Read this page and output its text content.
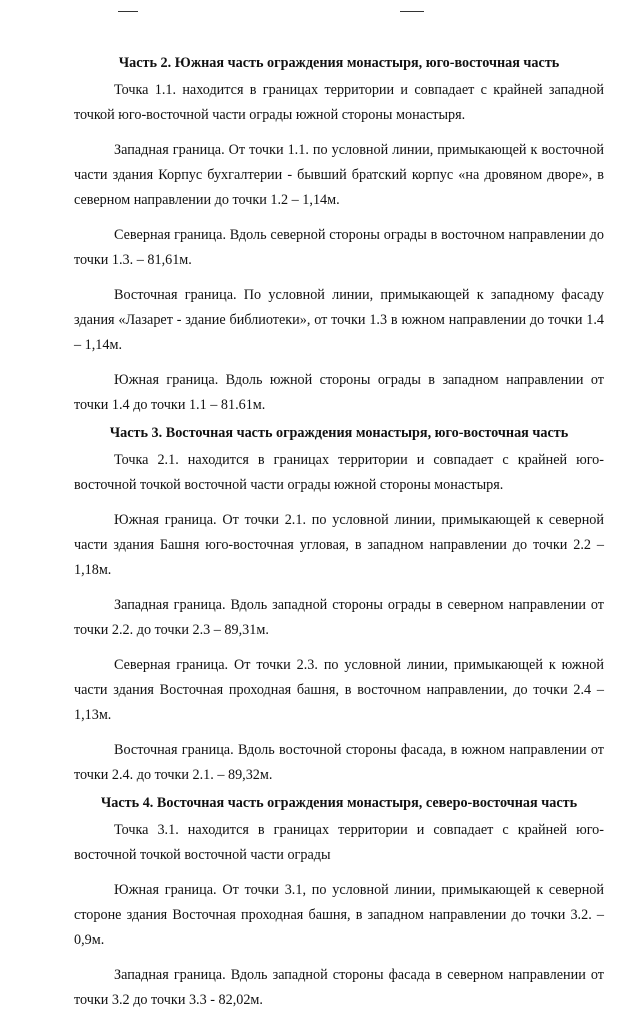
Часть 2. Южная часть ограждения монастыря, юго-восточная часть

Точка 1.1. находится в границах территории и совпадает с крайней западной точкой юго-восточной части ограды южной стороны монастыря.

Западная граница. От точки 1.1. по условной линии, примыкающей к восточной части здания Корпус бухгалтерии - бывший братский корпус «на дровяном дворе», в северном направлении до точки 1.2 – 1,14м.

Северная граница. Вдоль северной стороны ограды в восточном направлении до точки 1.3. – 81,61м.

Восточная граница. По условной линии, примыкающей к западному фасаду здания «Лазарет - здание библиотеки», от точки 1.3 в южном направлении до точки 1.4 – 1,14м.

Южная граница. Вдоль южной стороны ограды в западном направлении от точки 1.4 до точки 1.1 – 81.61м.

Часть 3. Восточная часть ограждения монастыря, юго-восточная часть

Точка 2.1. находится в границах территории и совпадает с крайней юго-восточной точкой восточной части ограды южной стороны монастыря.

Южная граница. От точки 2.1. по условной линии, примыкающей к северной части здания Башня юго-восточная угловая, в западном направлении до точки 2.2 – 1,18м.

Западная граница. Вдоль западной стороны ограды в северном направлении от точки 2.2. до точки 2.3 – 89,31м.

Северная граница. От точки 2.3. по условной линии, примыкающей к южной части здания Восточная проходная башня, в восточном направлении, до точки 2.4 – 1,13м.

Восточная граница. Вдоль восточной стороны фасада, в южном направлении от точки 2.4. до точки 2.1. – 89,32м.

Часть 4. Восточная часть ограждения монастыря, северо-восточная часть

Точка 3.1. находится в границах территории и совпадает с крайней юго-восточной точкой восточной части ограды

Южная граница. От точки 3.1, по условной линии, примыкающей к северной стороне здания Восточная проходная башня, в западном направлении до точки 3.2. – 0,9м.

Западная граница. Вдоль западной стороны фасада в северном направлении от точки 3.2 до точки 3.3 - 82,02м.
